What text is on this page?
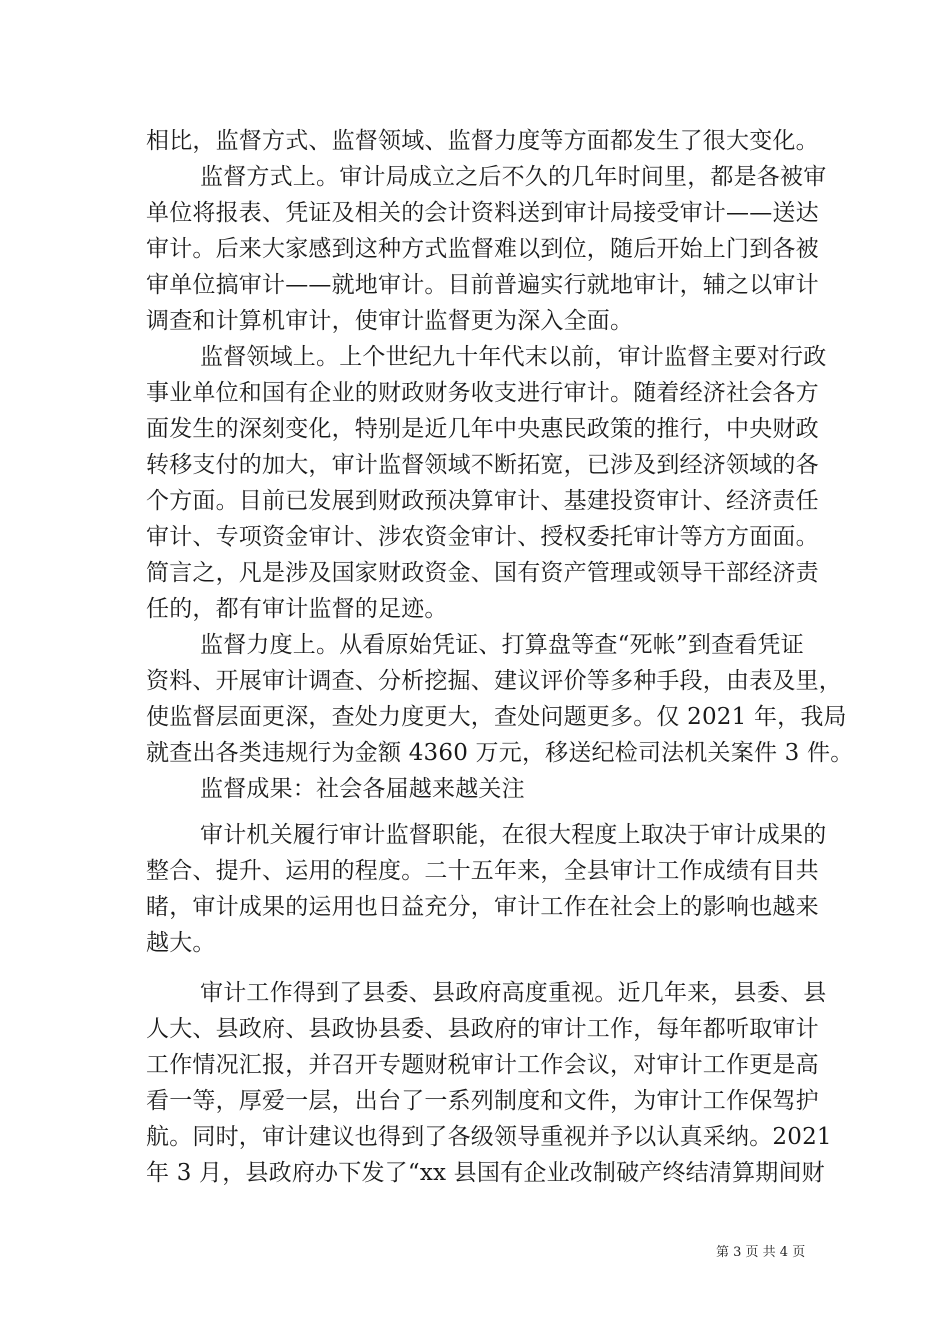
相比，监督方式、监督领域、监督力度等方面都发生了很大变化。
监督方式上。审计局成立之后不久的几年时间里，都是各被审
单位将报表、凭证及相关的会计资料送到审计局接受审计——送达
审计。后来大家感到这种方式监督难以到位，随后开始上门到各被
审单位搞审计——就地审计。目前普遍实行就地审计，辅之以审计
调查和计算机审计，使审计监督更为深入全面。
监督领域上。上个世纪九十年代末以前，审计监督主要对行政
事业单位和国有企业的财政财务收支进行审计。随着经济社会各方
面发生的深刻变化，特别是近几年中央惠民政策的推行，中央财政
转移支付的加大，审计监督领域不断拓宽，已涉及到经济领域的各
个方面。目前已发展到财政预决算审计、基建投资审计、经济责任
审计、专项资金审计、涉农资金审计、授权委托审计等方方面面。
简言之，凡是涉及国家财政资金、国有资产管理或领导干部经济责
任的，都有审计监督的足迹。
监督力度上。从看原始凭证、打算盘等查“死帐”到查看凭证
资料、开展审计调查、分析挖掘、建议评价等多种手段，由表及里，
使监督层面更深，查处力度更大，查处问题更多。仅 2021 年，我局
就查出各类违规行为金额 4360 万元，移送纪检司法机关案件 3 件。
监督成果：社会各届越来越关注
审计机关履行审计监督职能，在很大程度上取决于审计成果的
整合、提升、运用的程度。二十五年来，全县审计工作成绩有目共
睹，审计成果的运用也日益充分，审计工作在社会上的影响也越来
越大。
审计工作得到了县委、县政府高度重视。近几年来，县委、县
人大、县政府、县政协县委、县政府的审计工作，每年都听取审计
工作情况汇报，并召开专题财税审计工作会议，对审计工作更是高
看一等，厚爱一层，出台了一系列制度和文件，为审计工作保驾护
航。同时，审计建议也得到了各级领导重视并予以认真采纳。2021
年 3 月，县政府办下发了“xx 县国有企业改制破产终结清算期间财
第 3 页 共 4 页
